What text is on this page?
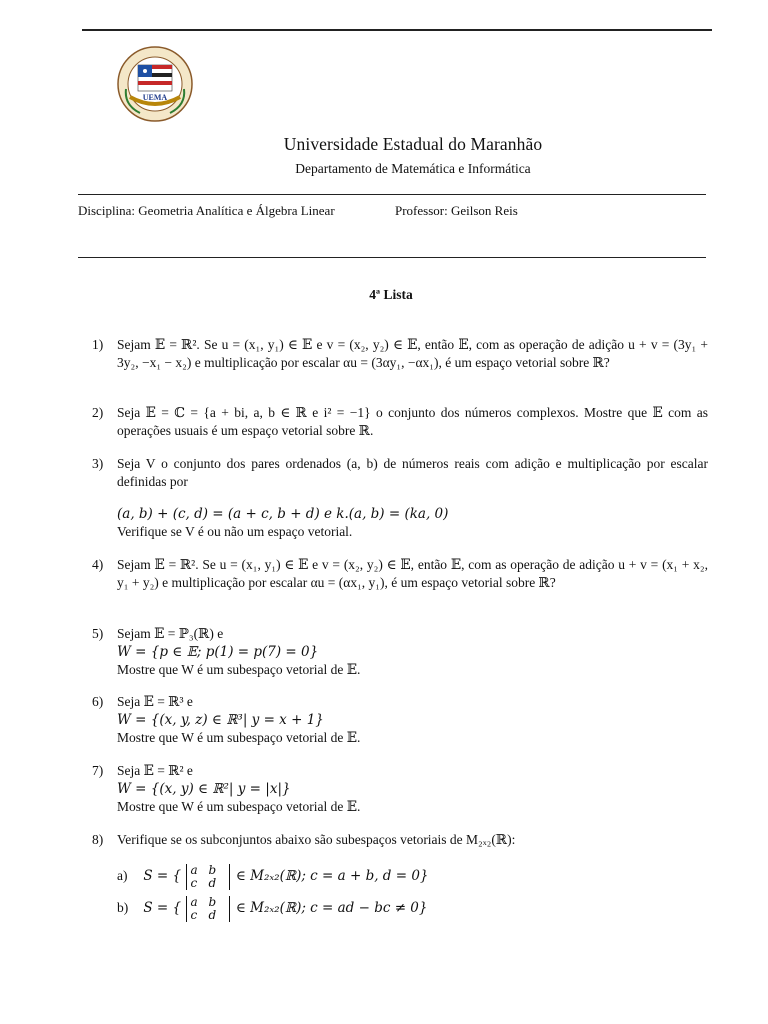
UEMA
Universidade Estadual do Maranhão
Departamento de Matemática e Informática
Disciplina: Geometria Analítica e Álgebra Linear	Professor: Geilson Reis
4ª Lista
1) Sejam 𝔼 = ℝ². Se u = (x₁, y₁) ∈ 𝔼 e v = (x₂, y₂) ∈ 𝔼, então 𝔼, com as operação de adição u + v = (3y₁ + 3y₂, −x₁ − x₂) e multiplicação por escalar αu = (3αy₁, −αx₁), é um espaço vetorial sobre ℝ?
2) Seja 𝔼 = ℂ = {a + bi, a, b ∈ ℝ e i² = −1} o conjunto dos números complexos. Mostre que 𝔼 com as operações usuais é um espaço vetorial sobre ℝ.
3) Seja V o conjunto dos pares ordenados (a, b) de números reais com adição e multiplicação por escalar definidas por
(a, b) + (c, d) = (a + c, b + d) e k.(a, b) = (ka, 0)
Verifique se V é ou não um espaço vetorial.
4) Sejam 𝔼 = ℝ². Se u = (x₁, y₁) ∈ 𝔼 e v = (x₂, y₂) ∈ 𝔼, então 𝔼, com as operação de adição u + v = (x₁ + x₂, y₁ + y₂) e multiplicação por escalar αu = (αx₁, y₁), é um espaço vetorial sobre ℝ?
5) Sejam 𝔼 = ℙ₃(ℝ) e
W = {p ∈ 𝔼; p(1) = p(7) = 0}
Mostre que W é um subespaço vetorial de 𝔼.
6) Seja 𝔼 = ℝ³ e
W = {(x, y, z) ∈ ℝ³| y = x + 1}
Mostre que W é um subespaço vetorial de 𝔼.
7) Seja 𝔼 = ℝ² e
W = {(x, y) ∈ ℝ²| y = |x|}
Mostre que W é um subespaço vetorial de 𝔼.
8) Verifique se os subconjuntos abaixo são subespaços vetoriais de M₂ₓ₂(ℝ):
a) S = { a b
c d ∈ M₂ₓ₂(ℝ); c = a + b, d = 0}
b) S = { a b
c d ∈ M₂ₓ₂(ℝ); c = ad − bc ≠ 0}
